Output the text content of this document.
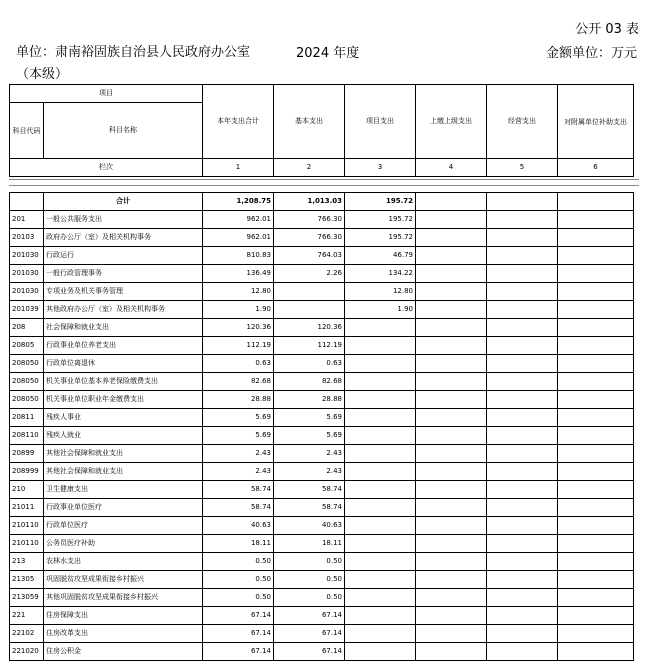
公开 03 表
单位：肃南裕固族自治县人民政府办公室（本级）
2024 年度	金额单位：万元
项目		本年支出合计	基本支出	项目支出	上缴上级支出	经营支出	对附属单位补助支出
科目代码	科目名称						
栏次		1	2	3	4	5	6
	合计	1,208.75	1,013.03	195.72			
201	一般公共服务支出	962.01	766.30	195.72			
20103	政府办公厅（室）及相关机构事务	962.01	766.30	195.72			
201030	行政运行	810.83	764.03	46.79			
201030	一般行政管理事务	136.49	2.26	134.22			
201030	专项业务及机关事务管理	12.80		12.80			
201039	其他政府办公厅（室）及相关机构事务	1.90		1.90			
208	社会保障和就业支出	120.36	120.36				
20805	行政事业单位养老支出	112.19	112.19				
208050	行政单位离退休	0.63	0.63				
208050	机关事业单位基本养老保险缴费支出	82.68	82.68				
208050	机关事业单位职业年金缴费支出	28.88	28.88				
20811	残疾人事业	5.69	5.69				
208110	残疾人就业	5.69	5.69				
20899	其他社会保障和就业支出	2.43	2.43				
208999	其他社会保障和就业支出	2.43	2.43				
210	卫生健康支出	58.74	58.74				
21011	行政事业单位医疗	58.74	58.74				
210110	行政单位医疗	40.63	40.63				
210110	公务员医疗补助	18.11	18.11				
213	农林水支出	0.50	0.50				
21305	巩固脱贫攻坚成果衔接乡村振兴	0.50	0.50				
213059	其他巩固脱贫攻坚成果衔接乡村振兴	0.50	0.50				
221	住房保障支出	67.14	67.14				
22102	住房改革支出	67.14	67.14				
221020	住房公积金	67.14	67.14				
